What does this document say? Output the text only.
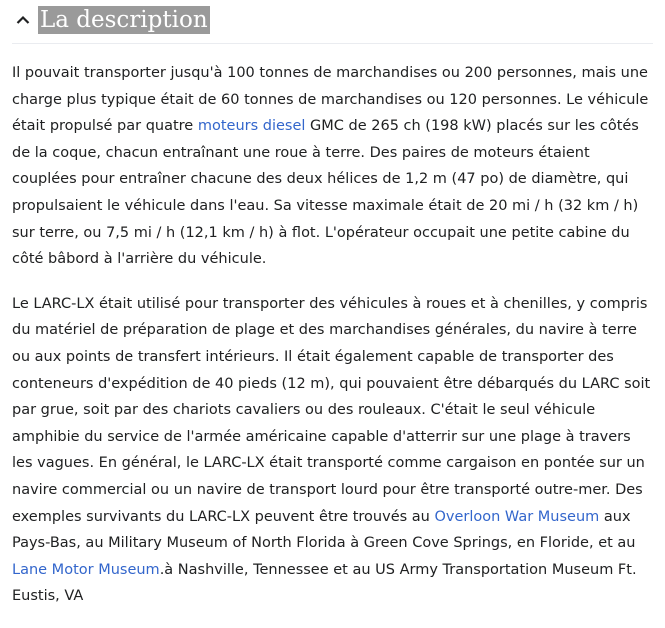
La description

Il pouvait transporter jusqu'à 100 tonnes de marchandises ou 200 personnes, mais une charge plus typique était de 60 tonnes de marchandises ou 120 personnes. Le véhicule était propulsé par quatre moteurs diesel GMC de 265 ch (198 kW) placés sur les côtés de la coque, chacun entraînant une roue à terre. Des paires de moteurs étaient couplées pour entraîner chacune des deux hélices de 1,2 m (47 po) de diamètre, qui propulsaient le véhicule dans l'eau. Sa vitesse maximale était de 20 mi / h (32 km / h) sur terre, ou 7,5 mi / h (12,1 km / h) à flot. L'opérateur occupait une petite cabine du côté bâbord à l'arrière du véhicule.

Le LARC-LX était utilisé pour transporter des véhicules à roues et à chenilles, y compris du matériel de préparation de plage et des marchandises générales, du navire à terre ou aux points de transfert intérieurs. Il était également capable de transporter des conteneurs d'expédition de 40 pieds (12 m), qui pouvaient être débarqués du LARC soit par grue, soit par des chariots cavaliers ou des rouleaux. C'était le seul véhicule amphibie du service de l'armée américaine capable d'atterrir sur une plage à travers les vagues. En général, le LARC-LX était transporté comme cargaison en pontée sur un navire commercial ou un navire de transport lourd pour être transporté outre-mer. Des exemples survivants du LARC-LX peuvent être trouvés au Overloon War Museum aux Pays-Bas, au Military Museum of North Florida à Green Cove Springs, en Floride, et au Lane Motor Museum.à Nashville, Tennessee et au US Army Transportation Museum Ft. Eustis, VA
